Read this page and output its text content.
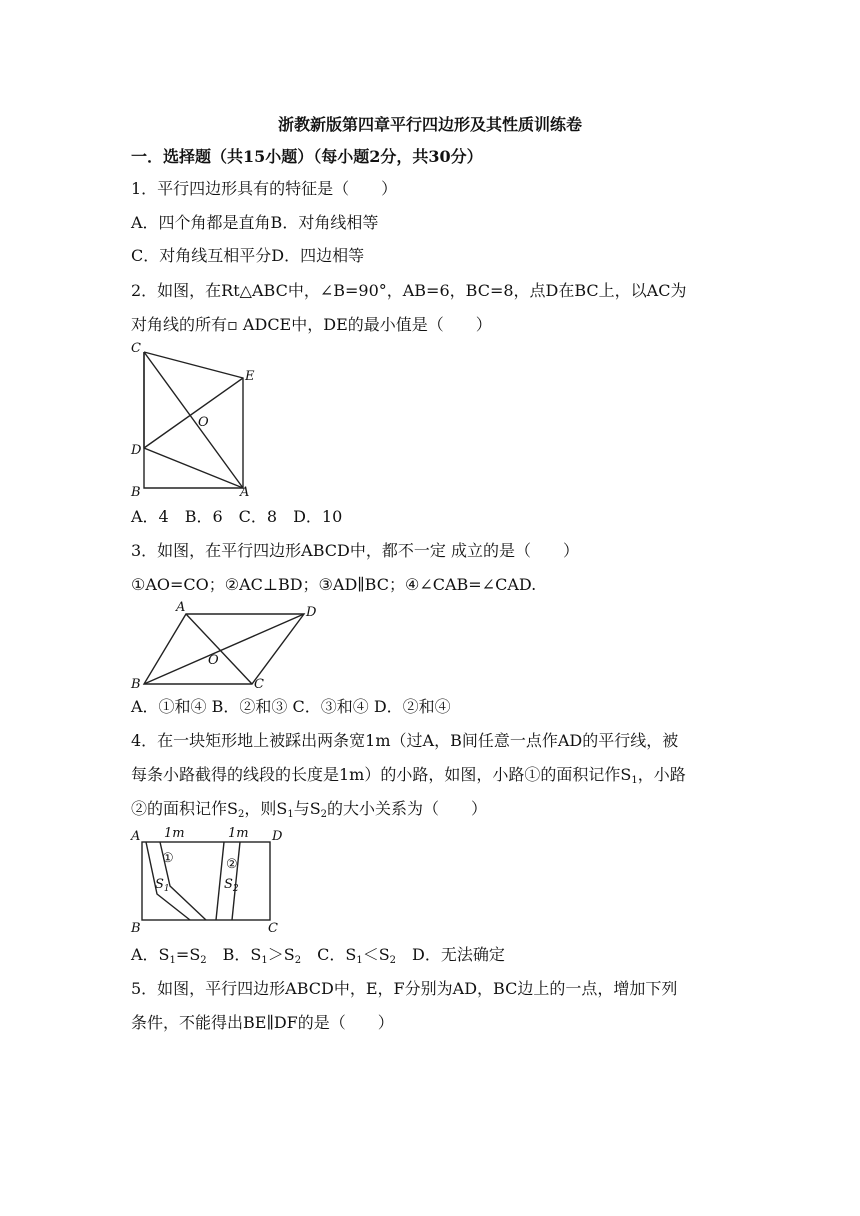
浙教新版第四章平行四边形及其性质训练卷
一．选择题（共15小题）（每小题2分，共30分）
1．平行四边形具有的特征是（　　）
A．四个角都是直角B．对角线相等
C．对角线互相平分D．四边相等
2．如图，在Rt△ABC中，∠B=90°，AB=6，BC=8，点D在BC上，以AC为
对角线的所有▫ ADCE中，DE的最小值是（　　）
C
E
O
D
B	A
A．4　B．6　C．8　D．10
3．如图，在平行四边形ABCD中，都不一定 成立的是（　　）
①AO=CO；②AC⊥BD；③AD∥BC；④∠CAB=∠CAD.
A	D
O
B	C
A．①和④ B．②和③ C．③和④ D．②和④
4．在一块矩形地上被踩出两条宽1m（过A，B间任意一点作AD的平行线，被
每条小路截得的线段的长度是1m）的小路，如图，小路①的面积记作$S_1$，小路
②的面积记作$S_2$，则$S_1$与$S_2$的大小关系为（　　）
A	D
B	C
1m	1m
①	②
$S_1$	$S_2$
A．$S_1=S_2$　B．$S_1>S_2$　C．$S_1<S_2$　D．无法确定
5．如图，平行四边形ABCD中，E，F分别为AD，BC边上的一点，增加下列
条件，不能得出BE∥DF的是（　　）
